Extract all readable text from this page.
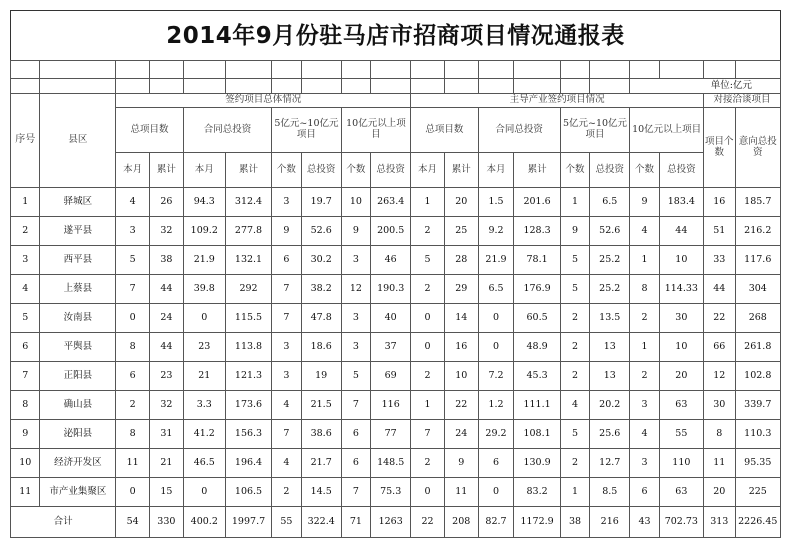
2014年9月份驻马店市招商项目情况通报表

																单位:亿元			
序号	县区	签约项目总体情况								主导产业签约项目情况								对接洽谈项目	
		总项目数		合同总投资		5亿元~10亿元项目		10亿元以上项目		总项目数		合同总投资		5亿元~10亿元项目		10亿元以上项目		项目个数	意向总投资
		本月	累计	本月	累计	个数	总投资	个数	总投资	本月	累计	本月	累计	个数	总投资	个数	总投资		
1	驿城区	4	26	94.3	312.4	3	19.7	10	263.4	1	20	1.5	201.6	1	6.5	9	183.4	16	185.7
2	遂平县	3	32	109.2	277.8	9	52.6	9	200.5	2	25	9.2	128.3	9	52.6	4	44	51	216.2
3	西平县	5	38	21.9	132.1	6	30.2	3	46	5	28	21.9	78.1	5	25.2	1	10	33	117.6
4	上蔡县	7	44	39.8	292	7	38.2	12	190.3	2	29	6.5	176.9	5	25.2	8	114.33	44	304
5	汝南县	0	24	0	115.5	7	47.8	3	40	0	14	0	60.5	2	13.5	2	30	22	268
6	平舆县	8	44	23	113.8	3	18.6	3	37	0	16	0	48.9	2	13	1	10	66	261.8
7	正阳县	6	23	21	121.3	3	19	5	69	2	10	7.2	45.3	2	13	2	20	12	102.8
8	确山县	2	32	3.3	173.6	4	21.5	7	116	1	22	1.2	111.1	4	20.2	3	63	30	339.7
9	泌阳县	8	31	41.2	156.3	7	38.6	6	77	7	24	29.2	108.1	5	25.6	4	55	8	110.3
10	经济开发区	11	21	46.5	196.4	4	21.7	6	148.5	2	9	6	130.9	2	12.7	3	110	11	95.35
11	市产业集聚区	0	15	0	106.5	2	14.5	7	75.3	0	11	0	83.2	1	8.5	6	63	20	225
合计		54	330	400.2	1997.7	55	322.4	71	1263	22	208	82.7	1172.9	38	216	43	702.73	313	2226.45
